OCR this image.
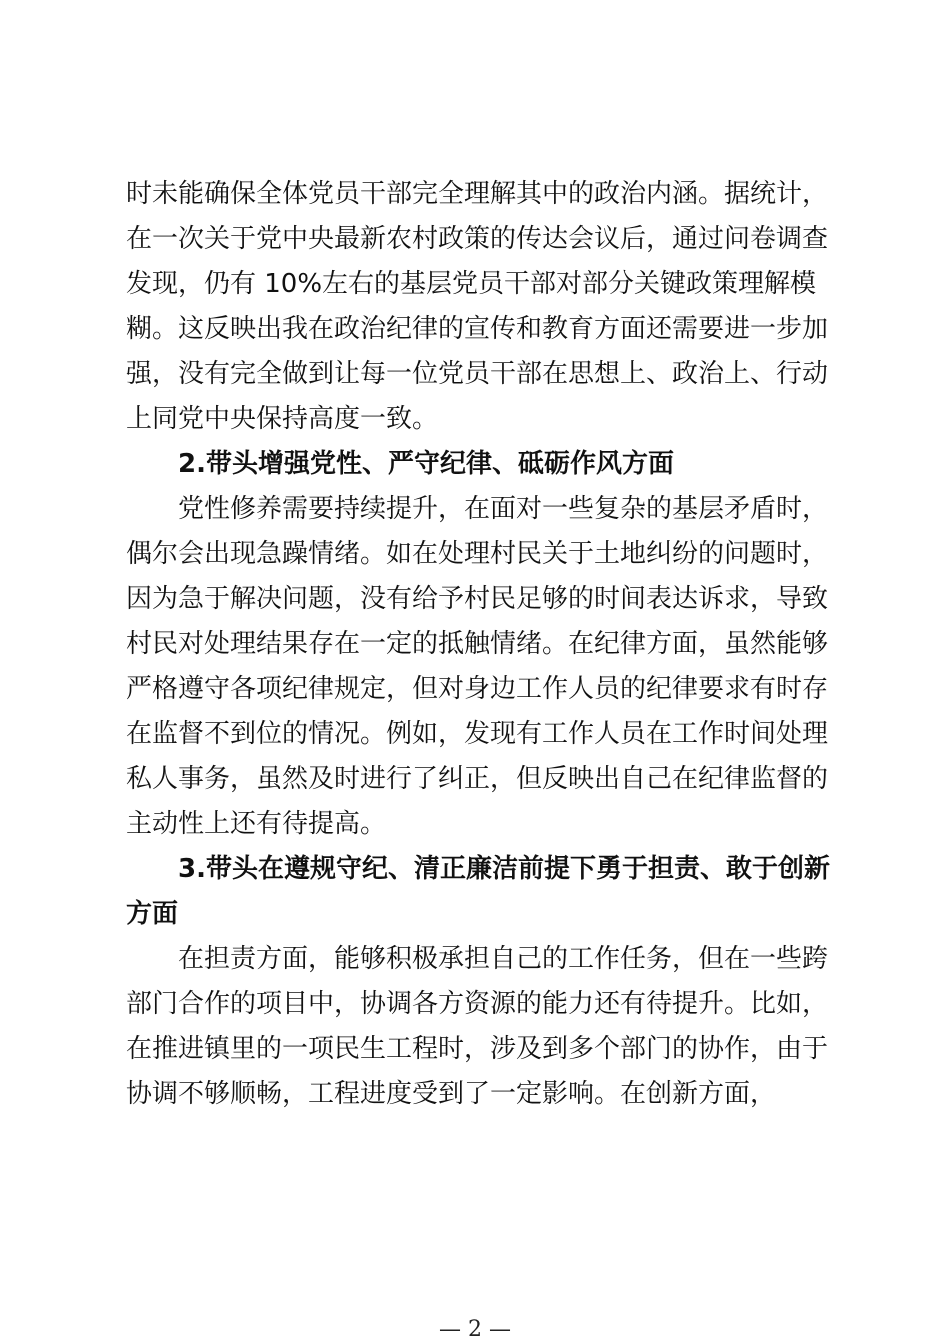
时未能确保全体党员干部完全理解其中的政治内涵。据统计，
在一次关于党中央最新农村政策的传达会议后，通过问卷调查
发现，仍有 10%左右的基层党员干部对部分关键政策理解模
糊。这反映出我在政治纪律的宣传和教育方面还需要进一步加
强，没有完全做到让每一位党员干部在思想上、政治上、行动
上同党中央保持高度一致。
2.带头增强党性、严守纪律、砥砺作风方面
党性修养需要持续提升，在面对一些复杂的基层矛盾时，
偶尔会出现急躁情绪。如在处理村民关于土地纠纷的问题时，
因为急于解决问题，没有给予村民足够的时间表达诉求，导致
村民对处理结果存在一定的抵触情绪。在纪律方面，虽然能够
严格遵守各项纪律规定，但对身边工作人员的纪律要求有时存
在监督不到位的情况。例如，发现有工作人员在工作时间处理
私人事务，虽然及时进行了纠正，但反映出自己在纪律监督的
主动性上还有待提高。
3.带头在遵规守纪、清正廉洁前提下勇于担责、敢于创新
方面
在担责方面，能够积极承担自己的工作任务，但在一些跨
部门合作的项目中，协调各方资源的能力还有待提升。比如，
在推进镇里的一项民生工程时，涉及到多个部门的协作，由于
协调不够顺畅，工程进度受到了一定影响。在创新方面，
— 2 —
